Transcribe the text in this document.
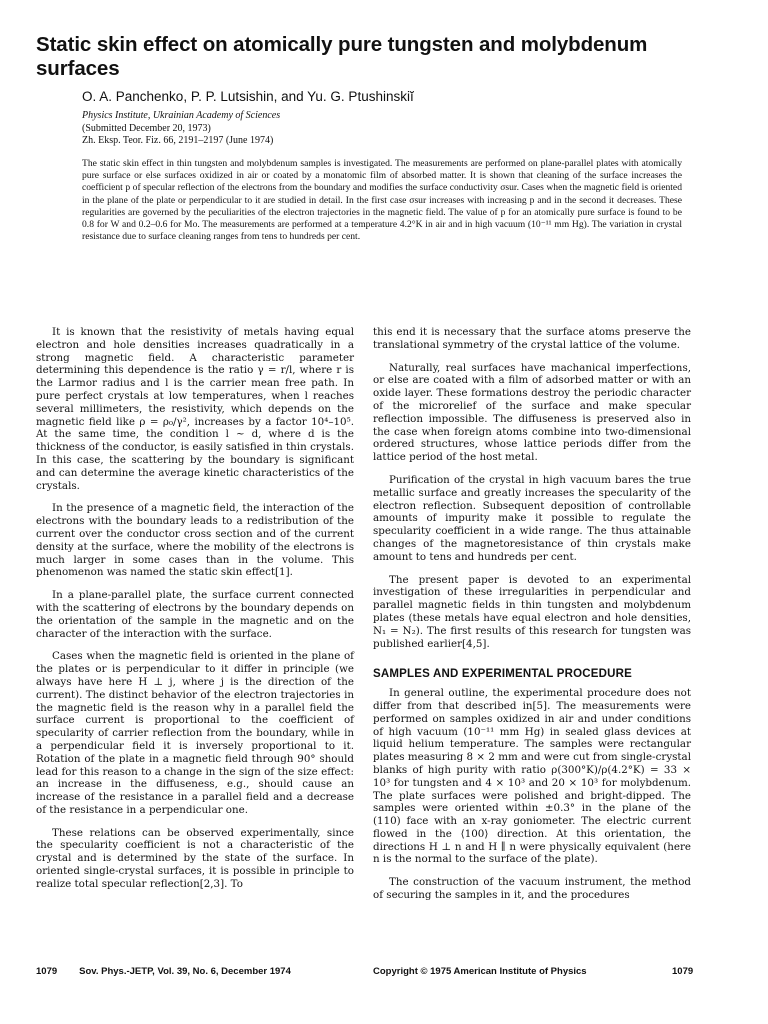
Static skin effect on atomically pure tungsten and molybdenum surfaces
O. A. Panchenko, P. P. Lutsishin, and Yu. G. Ptushinskiĭ
Physics Institute, Ukrainian Academy of Sciences
(Submitted December 20, 1973)
Zh. Eksp. Teor. Fiz. 66, 2191–2197 (June 1974)

The static skin effect in thin tungsten and molybdenum samples is investigated. The measurements are performed on plane-parallel plates with atomically pure surface or else surfaces oxidized in air or coated by a monatomic film of absorbed matter. It is shown that cleaning of the surface increases the coefficient p of specular reflection of the electrons from the boundary and modifies the surface conductivity σsur. Cases when the magnetic field is oriented in the plane of the plate or perpendicular to it are studied in detail. In the first case σsur increases with increasing p and in the second it decreases. These regularities are governed by the peculiarities of the electron trajectories in the magnetic field. The value of p for an atomically pure surface is found to be 0.8 for W and 0.2–0.6 for Mo. The measurements are performed at a temperature 4.2°K in air and in high vacuum (10⁻¹¹ mm Hg). The variation in crystal resistance due to surface cleaning ranges from tens to hundreds per cent.

It is known that the resistivity of metals having equal electron and hole densities increases quadratically in a strong magnetic field. A characteristic parameter determining this dependence is the ratio γ = r/l, where r is the Larmor radius and l is the carrier mean free path. In pure perfect crystals at low temperatures, when l reaches several millimeters, the resistivity, which depends on the magnetic field like ρ = ρ₀/γ², increases by a factor 10⁴–10⁵. At the same time, the condition l ~ d, where d is the thickness of the conductor, is easily satisfied in thin crystals. In this case, the scattering by the boundary is significant and can determine the average kinetic characteristics of the crystals.

In the presence of a magnetic field, the interaction of the electrons with the boundary leads to a redistribution of the current over the conductor cross section and of the current density at the surface, where the mobility of the electrons is much larger in some cases than in the volume. This phenomenon was named the static skin effect[1].

In a plane-parallel plate, the surface current connected with the scattering of electrons by the boundary depends on the orientation of the sample in the magnetic and on the character of the interaction with the surface.

Cases when the magnetic field is oriented in the plane of the plates or is perpendicular to it differ in principle (we always have here H ⊥ j, where j is the direction of the current). The distinct behavior of the electron trajectories in the magnetic field is the reason why in a parallel field the surface current is proportional to the coefficient of specularity of carrier reflection from the boundary, while in a perpendicular field it is inversely proportional to it. Rotation of the plate in a magnetic field through 90° should lead for this reason to a change in the sign of the size effect: an increase in the diffuseness, e.g., should cause an increase of the resistance in a parallel field and a decrease of the resistance in a perpendicular one.

These relations can be observed experimentally, since the specularity coefficient is not a characteristic of the crystal and is determined by the state of the surface. In oriented single-crystal surfaces, it is possible in principle to realize total specular reflection[2,3]. To

this end it is necessary that the surface atoms preserve the translational symmetry of the crystal lattice of the volume.

Naturally, real surfaces have machanical imperfections, or else are coated with a film of adsorbed matter or with an oxide layer. These formations destroy the periodic character of the microrelief of the surface and make specular reflection impossible. The diffuseness is preserved also in the case when foreign atoms combine into two-dimensional ordered structures, whose lattice periods differ from the lattice period of the host metal.

Purification of the crystal in high vacuum bares the true metallic surface and greatly increases the specularity of the electron reflection. Subsequent deposition of controllable amounts of impurity make it possible to regulate the specularity coefficient in a wide range. The thus attainable changes of the magnetoresistance of thin crystals make amount to tens and hundreds per cent.

The present paper is devoted to an experimental investigation of these irregularities in perpendicular and parallel magnetic fields in thin tungsten and molybdenum plates (these metals have equal electron and hole densities, N₁ = N₂). The first results of this research for tungsten was published earlier[4,5].

SAMPLES AND EXPERIMENTAL PROCEDURE

In general outline, the experimental procedure does not differ from that described in[5]. The measurements were performed on samples oxidized in air and under conditions of high vacuum (10⁻¹¹ mm Hg) in sealed glass devices at liquid helium temperature. The samples were rectangular plates measuring 8 × 2 mm and were cut from single-crystal blanks of high purity with ratio ρ(300°K)/ρ(4.2°K) = 33 × 10³ for tungsten and 4 × 10³ and 20 × 10³ for molybdenum. The plate surfaces were polished and bright-dipped. The samples were oriented within ±0.3° in the plane of the (110) face with an x-ray goniometer. The electric current flowed in the ⟨100⟩ direction. At this orientation, the directions H ⊥ n and H ∥ n were physically equivalent (here n is the normal to the surface of the plate).

The construction of the vacuum instrument, the method of securing the samples in it, and the procedures

1079 Sov. Phys.-JETP, Vol. 39, No. 6, December 1974	Copyright © 1975 American Institute of Physics	1079
